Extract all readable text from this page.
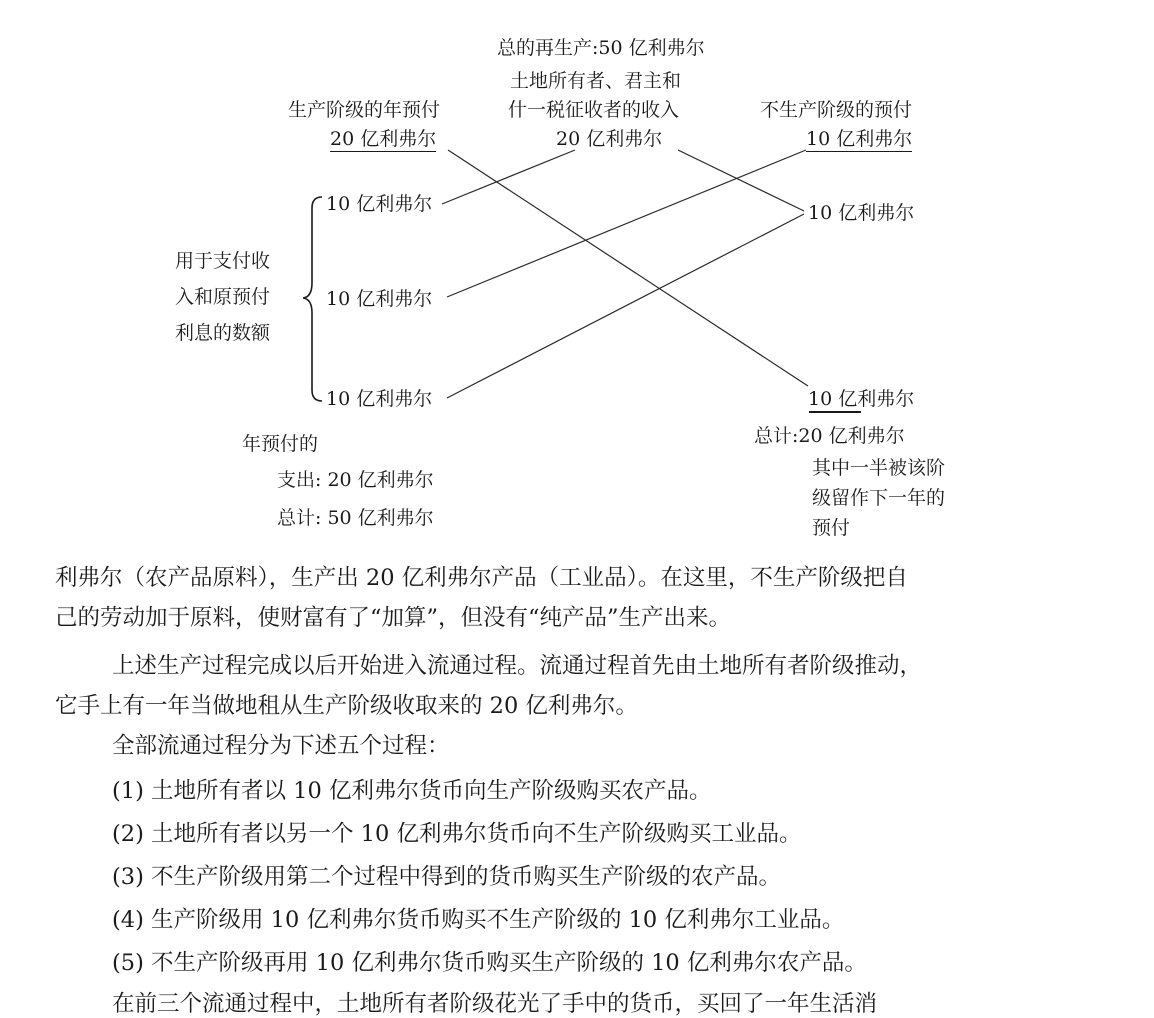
总的再生产:50 亿利弗尔
土地所有者、君主和
什一税征收者的收入
20 亿利弗尔
生产阶级的年预付
20 亿利弗尔
不生产阶级的预付
10 亿利弗尔
10 亿利弗尔
10 亿利弗尔
10 亿利弗尔
10 亿利弗尔
10 亿利弗尔
用于支付收
入和原预付
利息的数额
年预付的
支出: 20 亿利弗尔
总计: 50 亿利弗尔
总计:20 亿利弗尔
其中一半被该阶
级留作下一年的
预付
利弗尔（农产品原料），生产出 20 亿利弗尔产品（工业品）。在这里，不生产阶级把自
己的劳动加于原料，使财富有了“加算”，但没有“纯产品”生产出来。
上述生产过程完成以后开始进入流通过程。流通过程首先由土地所有者阶级推动，
它手上有一年当做地租从生产阶级收取来的 20 亿利弗尔。
全部流通过程分为下述五个过程：
(1) 土地所有者以 10 亿利弗尔货币向生产阶级购买农产品。
(2) 土地所有者以另一个 10 亿利弗尔货币向不生产阶级购买工业品。
(3) 不生产阶级用第二个过程中得到的货币购买生产阶级的农产品。
(4) 生产阶级用 10 亿利弗尔货币购买不生产阶级的 10 亿利弗尔工业品。
(5) 不生产阶级再用 10 亿利弗尔货币购买生产阶级的 10 亿利弗尔农产品。
在前三个流通过程中，土地所有者阶级花光了手中的货币，买回了一年生活消
